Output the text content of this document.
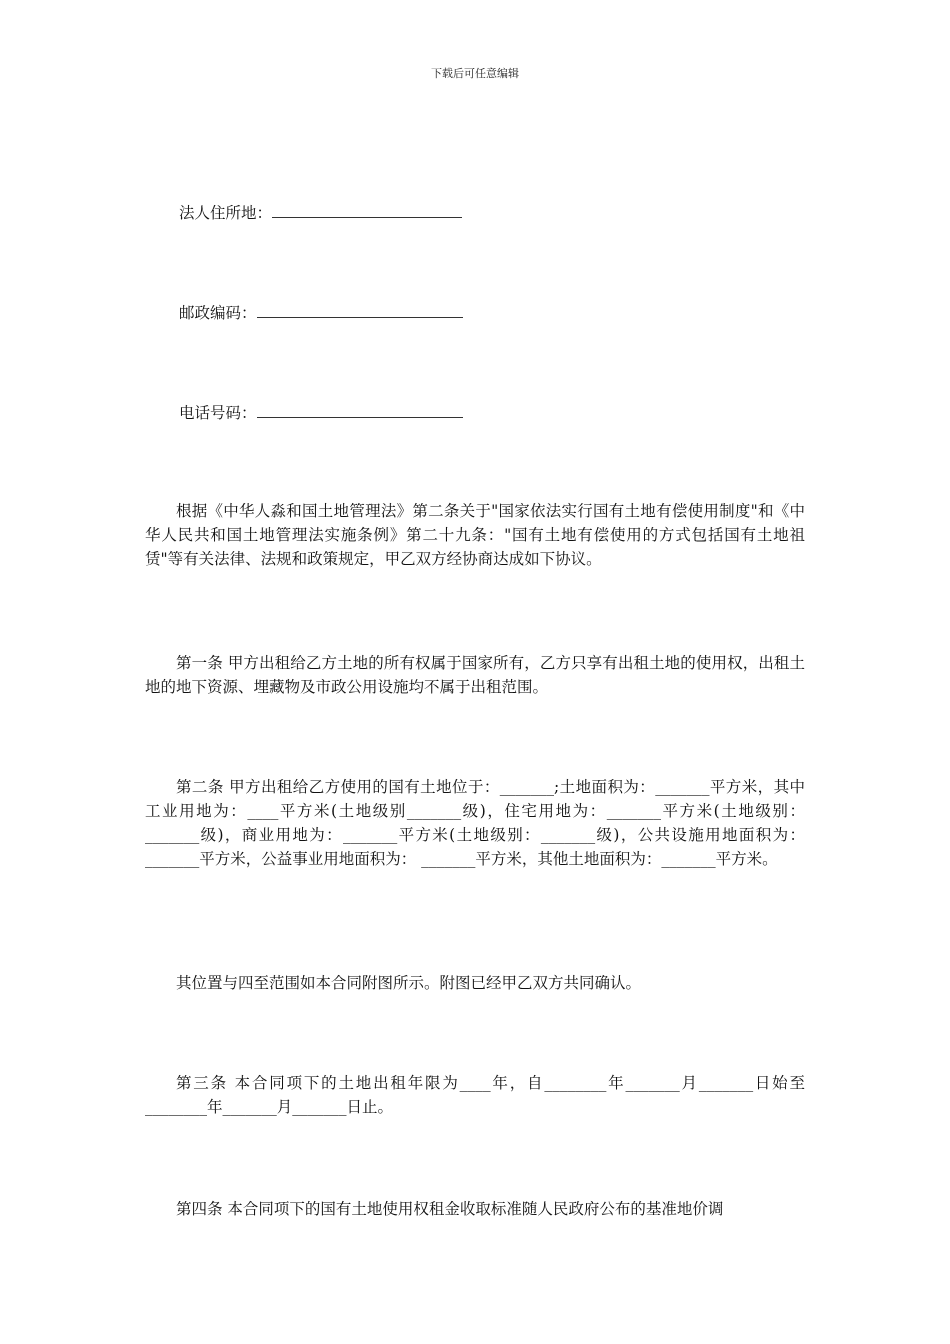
下载后可任意编辑

法人住所地：

邮政编码：

电话号码：

根据《中华人淼和国土地管理法》第二条关于"国家依法实行国有土地有偿使用制度"和《中华人民共和国土地管理法实施条例》第二十九条："国有土地有偿使用的方式包括国有土地祖赁"等有关法律、法规和政策规定，甲乙双方经协商达成如下协议。

第一条 甲方出租给乙方土地的所有权属于国家所有，乙方只享有出租土地的使用权，出租土地的地下资源、埋藏物及市政公用设施均不属于出租范围。

第二条 甲方出租给乙方使用的国有土地位于：_______;土地面积为：_______平方米，其中工业用地为：____平方米(土地级别_______级)，住宅用地为：_______平方米(土地级别：_______级)，商业用地为：_______平方米(土地级别：_______级)，公共设施用地面积为：_______平方米，公益事业用地面积为： _______平方米，其他土地面积为：_______平方米。

其位置与四至范围如本合同附图所示。附图已经甲乙双方共同确认。

第三条 本合同项下的土地出租年限为____年，自________年_______月_______日始至________年_______月_______日止。

第四条 本合同项下的国有土地使用权租金收取标准随人民政府公布的基准地价调
